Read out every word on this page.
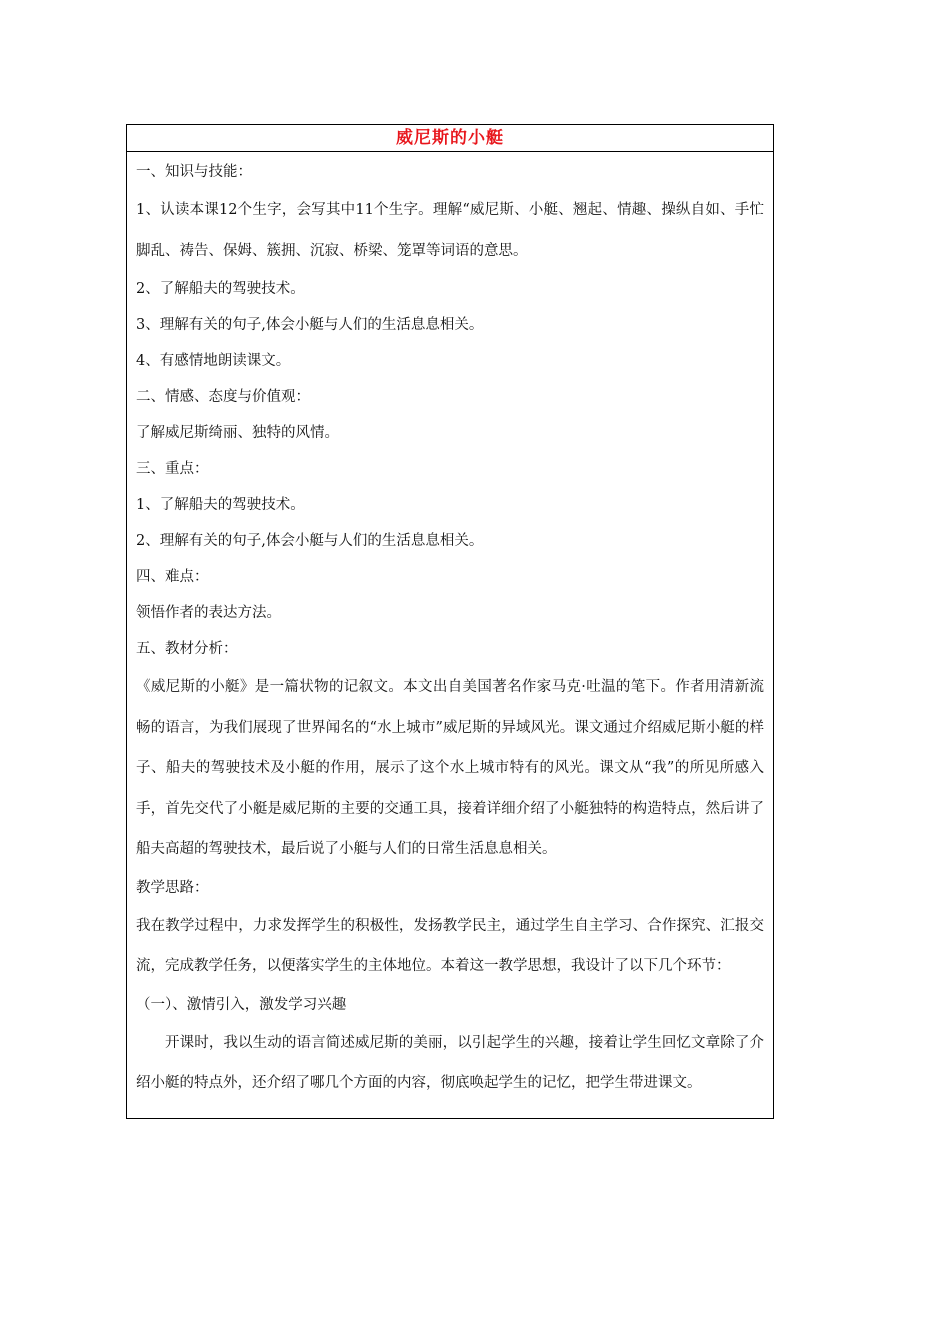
威尼斯的小艇
一、知识与技能：

1、认读本课12个生字，会写其中11个生字。理解“威尼斯、小艇、翘起、情趣、操纵自如、手忙脚乱、祷告、保姆、簇拥、沉寂、桥梁、笼罩等词语的意思。

2、了解船夫的驾驶技术。
3、理解有关的句子,体会小艇与人们的生活息息相关。
4、有感情地朗读课文。
二、情感、态度与价值观：
了解威尼斯绮丽、独特的风情。
三、重点：
1、了解船夫的驾驶技术。
2、理解有关的句子,体会小艇与人们的生活息息相关。
四、难点：
领悟作者的表达方法。
五、教材分析：

《威尼斯的小艇》是一篇状物的记叙文。本文出自美国著名作家马克·吐温的笔下。作者用清新流畅的语言，为我们展现了世界闻名的“水上城市”威尼斯的异域风光。课文通过介绍威尼斯小艇的样子、船夫的驾驶技术及小艇的作用，展示了这个水上城市特有的风光。课文从“我”的所见所感入手，首先交代了小艇是威尼斯的主要的交通工具，接着详细介绍了小艇独特的构造特点，然后讲了船夫高超的驾驶技术，最后说了小艇与人们的日常生活息息相关。

教学思路：

我在教学过程中，力求发挥学生的积极性，发扬教学民主，通过学生自主学习、合作探究、汇报交流，完成教学任务，以便落实学生的主体地位。本着这一教学思想，我设计了以下几个环节：

（一）、激情引入，激发学习兴趣

开课时，我以生动的语言简述威尼斯的美丽，以引起学生的兴趣，接着让学生回忆文章除了介绍小艇的特点外，还介绍了哪几个方面的内容，彻底唤起学生的记忆，把学生带进课文。
